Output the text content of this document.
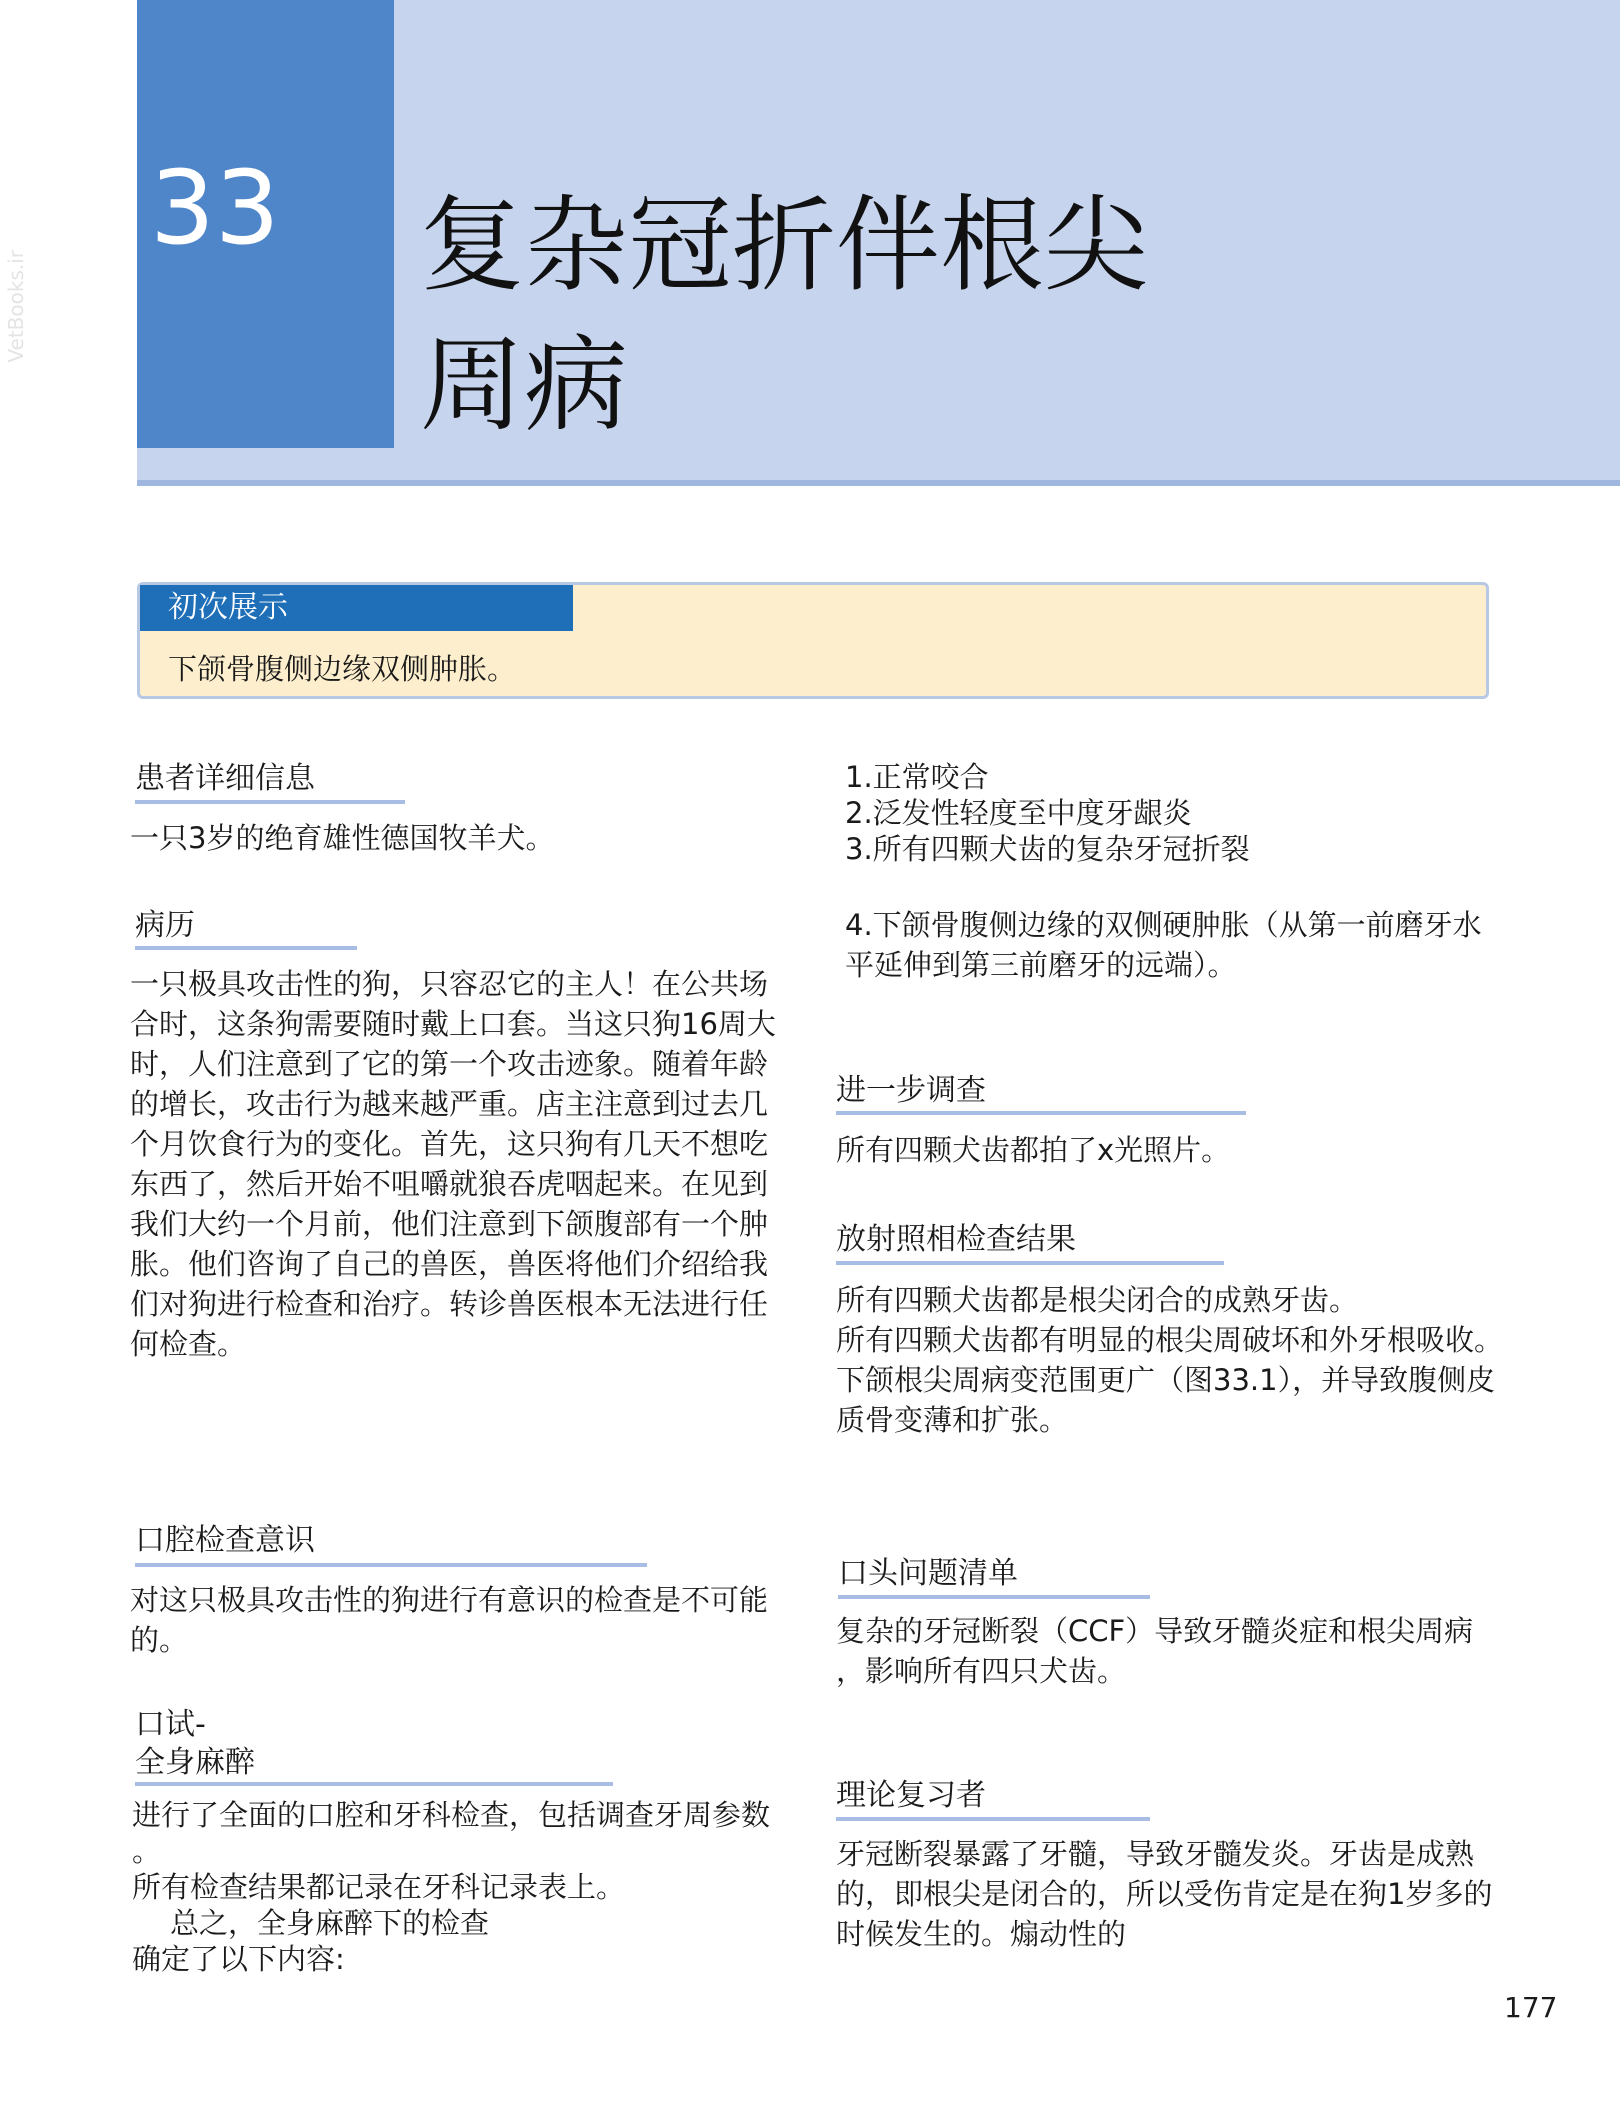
33 复杂冠折伴根尖
周病
VetBooks.ir
初次展示
下颌骨腹侧边缘双侧肿胀。
患者详细信息
一只3岁的绝育雄性德国牧羊犬。
病历
一只极具攻击性的狗，只容忍它的主人！在公共场合时，这条狗需要随时戴上口套。当这只狗16周大时，人们注意到了它的第一个攻击迹象。随着年龄的增长，攻击行为越来越严重。店主注意到过去几个月饮食行为的变化。首先，这只狗有几天不想吃东西了，然后开始不咀嚼就狼吞虎咽起来。在见到我们大约一个月前，他们注意到下颌腹部有一个肿胀。他们咨询了自己的兽医，兽医将他们介绍给我们对狗进行检查和治疗。转诊兽医根本无法进行任何检查。
口腔检查意识
对这只极具攻击性的狗进行有意识的检查是不可能的。
口试-
全身麻醉

进行了全面的口腔和牙科检查，包括调查牙周参数

。

所有检查结果都记录在牙科记录表上。

总之，全身麻醉下的检查

确定了以下内容:

1.正常咬合
2.泛发性轻度至中度牙龈炎
3.所有四颗犬齿的复杂牙冠折裂
4.下颌骨腹侧边缘的双侧硬肿胀（从第一前磨牙水平延伸到第三前磨牙的远端）。
进一步调查
所有四颗犬齿都拍了x光照片。
放射照相检查结果

所有四颗犬齿都是根尖闭合的成熟牙齿。

所有四颗犬齿都有明显的根尖周破坏和外牙根吸收。下颌根尖周病变范围更广（图33.1），并导致腹侧皮质骨变薄和扩张。

口头问题清单
复杂的牙冠断裂（CCF）导致牙髓炎症和根尖周病
，影响所有四只犬齿。
理论复习者
牙冠断裂暴露了牙髓，导致牙髓发炎。牙齿是成熟的，即根尖是闭合的，所以受伤肯定是在狗1岁多的时候发生的。煽动性的
177
